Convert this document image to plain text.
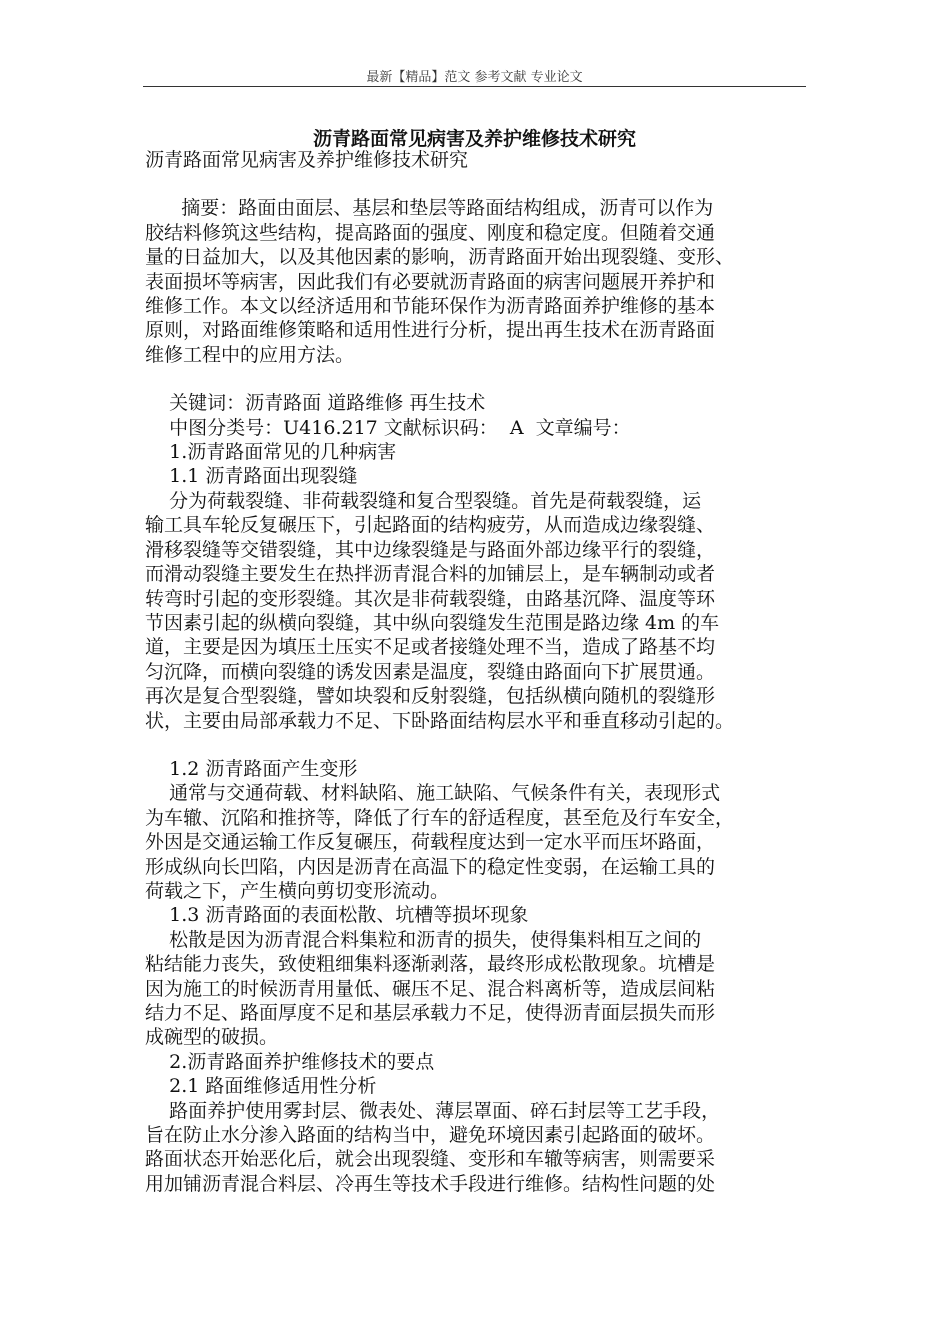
最新【精品】范文 参考文献 专业论文
沥青路面常见病害及养护维修技术研究

沥青路面常见病害及养护维修技术研究

摘要：路面由面层、基层和垫层等路面结构组成，沥青可以作为

胶结料修筑这些结构，提高路面的强度、刚度和稳定度。但随着交通

量的日益加大，以及其他因素的影响，沥青路面开始出现裂缝、变形、

表面损坏等病害，因此我们有必要就沥青路面的病害问题展开养护和

维修工作。本文以经济适用和节能环保作为沥青路面养护维修的基本

原则，对路面维修策略和适用性进行分析，提出再生技术在沥青路面

维修工程中的应用方法。

关键词：沥青路面 道路维修 再生技术

中图分类号：U416.217 文献标识码：  A  文章编号：

1.沥青路面常见的几种病害

1.1 沥青路面出现裂缝

分为荷载裂缝、非荷载裂缝和复合型裂缝。首先是荷载裂缝，运

输工具车轮反复碾压下，引起路面的结构疲劳，从而造成边缘裂缝、

滑移裂缝等交错裂缝，其中边缘裂缝是与路面外部边缘平行的裂缝，

而滑动裂缝主要发生在热拌沥青混合料的加铺层上，是车辆制动或者

转弯时引起的变形裂缝。其次是非荷载裂缝，由路基沉降、温度等环

节因素引起的纵横向裂缝，其中纵向裂缝发生范围是路边缘 4m 的车

道，主要是因为填压土压实不足或者接缝处理不当，造成了路基不均

匀沉降，而横向裂缝的诱发因素是温度，裂缝由路面向下扩展贯通。

再次是复合型裂缝，譬如块裂和反射裂缝，包括纵横向随机的裂缝形

状，主要由局部承载力不足、下卧路面结构层水平和垂直移动引起的。

1.2 沥青路面产生变形

通常与交通荷载、材料缺陷、施工缺陷、气候条件有关，表现形式

为车辙、沉陷和推挤等，降低了行车的舒适程度，甚至危及行车安全，

外因是交通运输工作反复碾压，荷载程度达到一定水平而压坏路面，

形成纵向长凹陷，内因是沥青在高温下的稳定性变弱，在运输工具的

荷载之下，产生横向剪切变形流动。

1.3 沥青路面的表面松散、坑槽等损坏现象

松散是因为沥青混合料集粒和沥青的损失，使得集料相互之间的

粘结能力丧失，致使粗细集料逐渐剥落，最终形成松散现象。坑槽是

因为施工的时候沥青用量低、碾压不足、混合料离析等，造成层间粘

结力不足、路面厚度不足和基层承载力不足，使得沥青面层损失而形

成碗型的破损。

2.沥青路面养护维修技术的要点

2.1 路面维修适用性分析

路面养护使用雾封层、微表处、薄层罩面、碎石封层等工艺手段，

旨在防止水分渗入路面的结构当中，避免环境因素引起路面的破坏。

路面状态开始恶化后，就会出现裂缝、变形和车辙等病害，则需要采

用加铺沥青混合料层、冷再生等技术手段进行维修。结构性问题的处
